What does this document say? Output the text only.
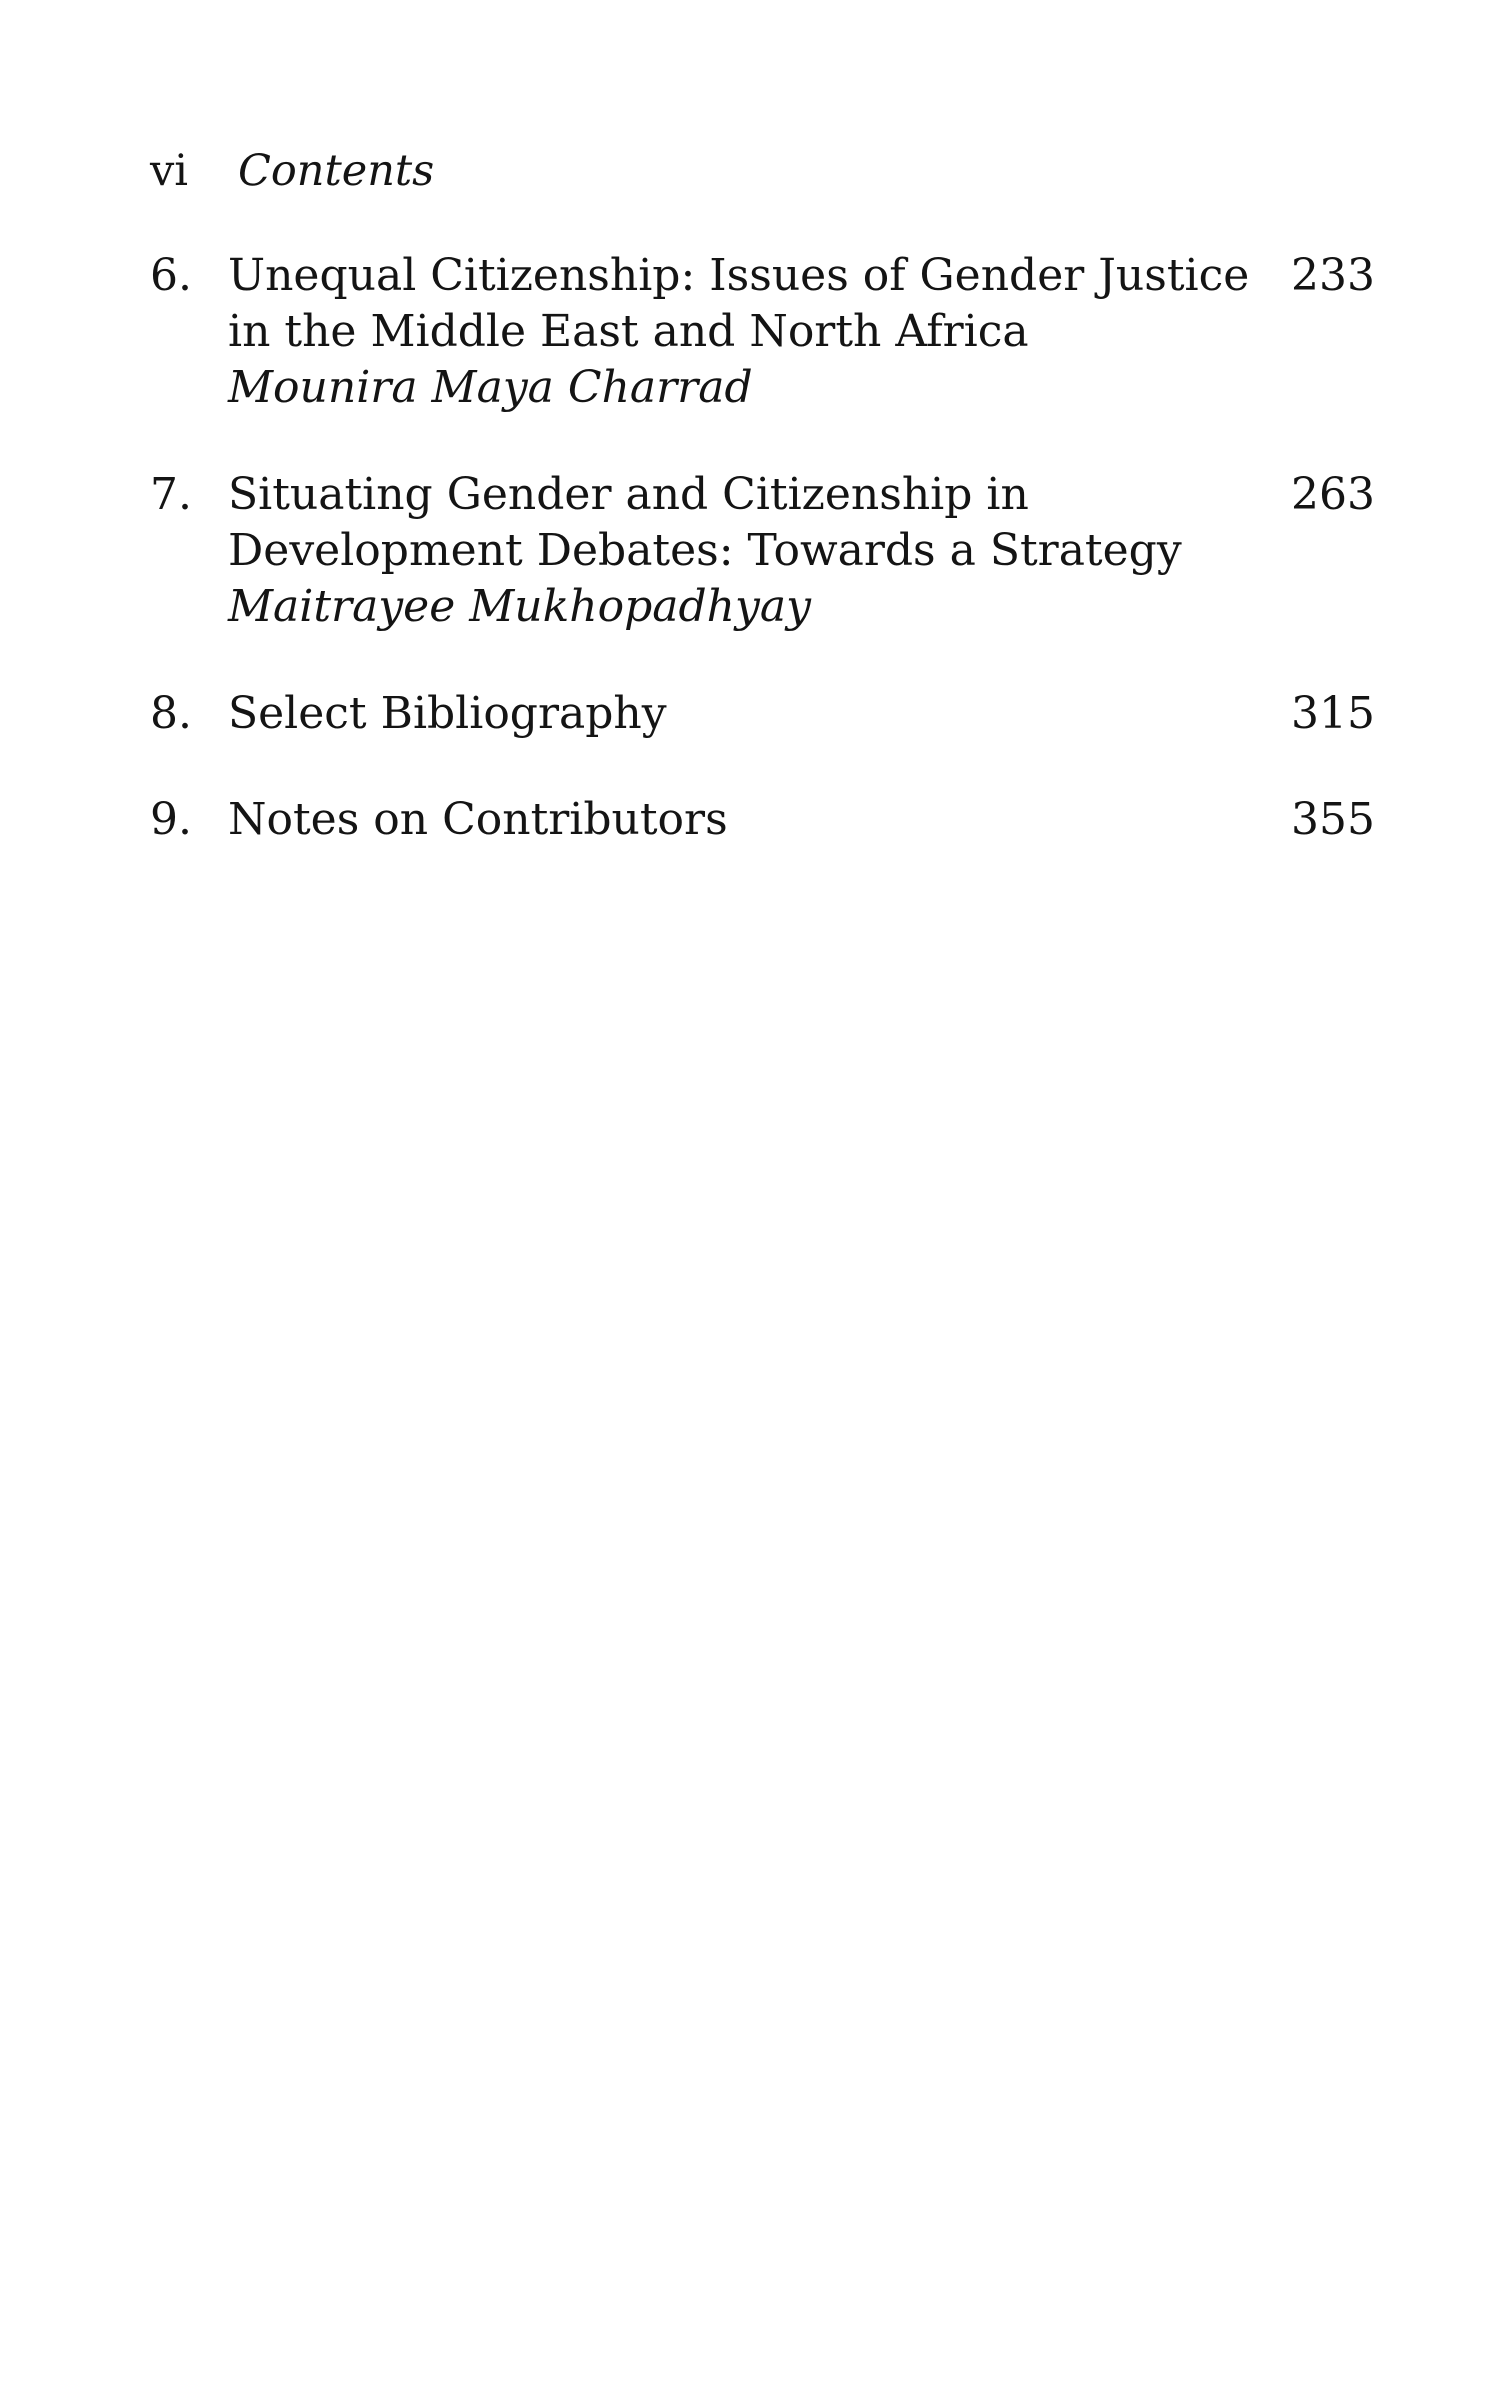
vi Contents
6. Unequal Citizenship: Issues of Gender Justice
in the Middle East and North Africa
Mounira Maya Charrad
233
7. Situating Gender and Citizenship in
Development Debates: Towards a Strategy
Maitrayee Mukhopadhyay
263
8. Select Bibliography	315
9. Notes on Contributors	355
